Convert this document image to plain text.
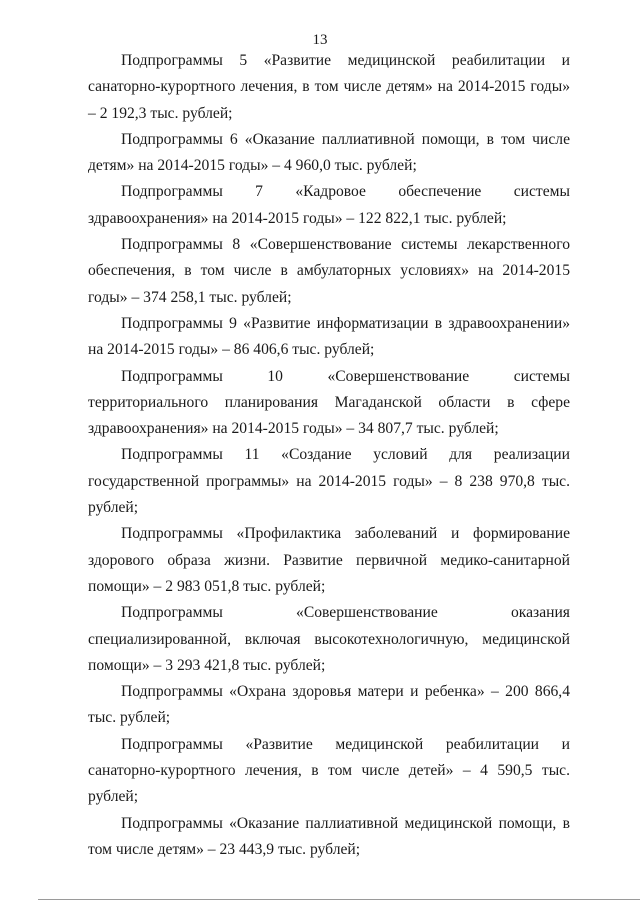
13

Подпрограммы 5 «Развитие медицинской реабилитации и санаторно-курортного лечения, в том числе детям» на 2014-2015 годы» – 2 192,3 тыс. рублей;

Подпрограммы 6 «Оказание паллиативной помощи, в том числе детям» на 2014-2015 годы» – 4 960,0 тыс. рублей;

Подпрограммы 7 «Кадровое обеспечение системы здравоохранения» на 2014-2015 годы» – 122 822,1 тыс. рублей;

Подпрограммы 8 «Совершенствование системы лекарственного обеспечения, в том числе в амбулаторных условиях» на 2014-2015 годы» – 374 258,1 тыс. рублей;

Подпрограммы 9 «Развитие информатизации в здравоохранении» на 2014-2015 годы» – 86 406,6 тыс. рублей;

Подпрограммы 10 «Совершенствование системы территориального планирования Магаданской области в сфере здравоохранения» на 2014-2015 годы» – 34 807,7 тыс. рублей;

Подпрограммы 11 «Создание условий для реализации государственной программы» на 2014-2015 годы» – 8 238 970,8 тыс. рублей;

Подпрограммы «Профилактика заболеваний и формирование здорового образа жизни. Развитие первичной медико-санитарной помощи» – 2 983 051,8 тыс. рублей;

Подпрограммы «Совершенствование оказания специализированной, включая высокотехнологичную, медицинской помощи» – 3 293 421,8 тыс. рублей;

Подпрограммы «Охрана здоровья матери и ребенка» – 200 866,4 тыс. рублей;

Подпрограммы «Развитие медицинской реабилитации и санаторно-курортного лечения, в том числе детей» – 4 590,5 тыс. рублей;

Подпрограммы «Оказание паллиативной медицинской помощи, в том числе детям» – 23 443,9 тыс. рублей;
